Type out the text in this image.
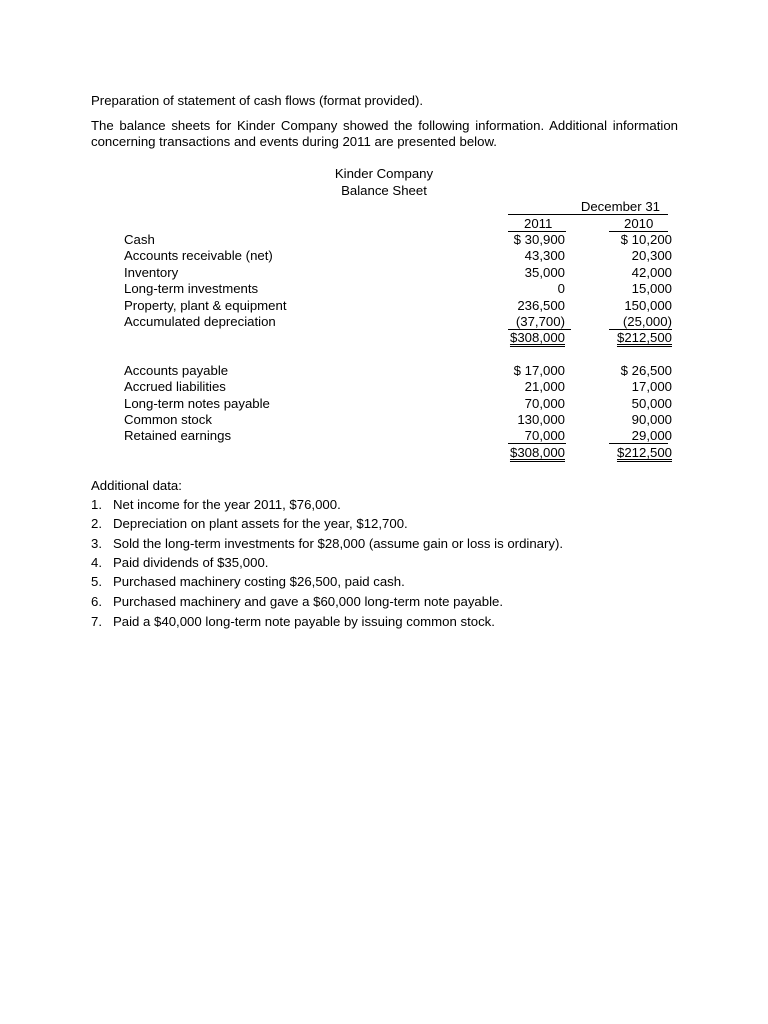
Preparation of statement of cash flows (format provided).
The balance sheets for Kinder Company showed the following information. Additional information concerning transactions and events during 2011 are presented below.
Kinder Company
Balance Sheet
December 31
2011	2010
Cash	$ 30,900	$ 10,200
Accounts receivable (net)	43,300	20,300
Inventory	35,000	42,000
Long-term investments	0	15,000
Property, plant & equipment	236,500	150,000
Accumulated depreciation	(37,700)	(25,000)
$308,000	$212,500
Accounts payable	$ 17,000	$ 26,500
Accrued liabilities	21,000	17,000
Long-term notes payable	70,000	50,000
Common stock	130,000	90,000
Retained earnings	70,000	29,000
$308,000	$212,500
Additional data:
1. Net income for the year 2011, $76,000.
2. Depreciation on plant assets for the year, $12,700.
3. Sold the long-term investments for $28,000 (assume gain or loss is ordinary).
4. Paid dividends of $35,000.
5. Purchased machinery costing $26,500, paid cash.
6. Purchased machinery and gave a $60,000 long-term note payable.
7. Paid a $40,000 long-term note payable by issuing common stock.
